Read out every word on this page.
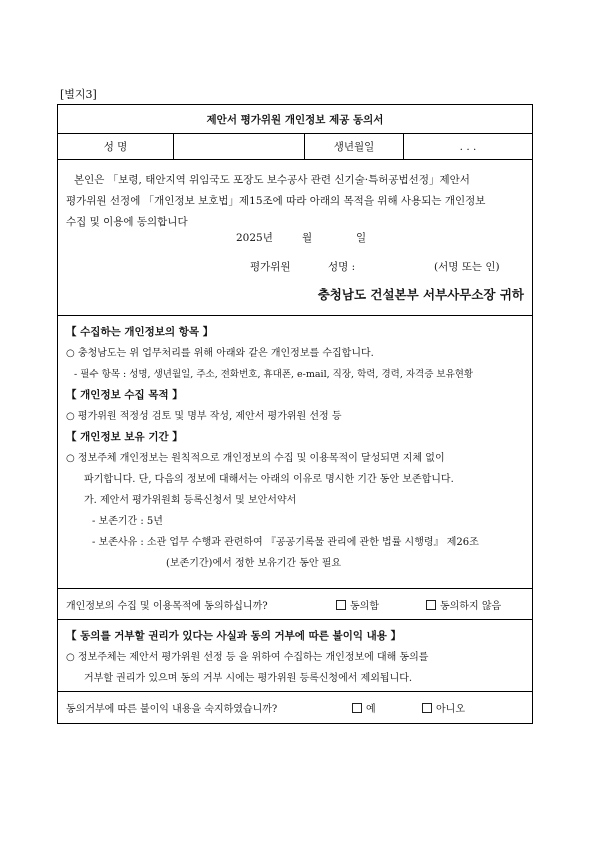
[별지3]
제안서 평가위원 개인정보 제공 동의서
성 명	생년월일	. . .

본인은 「보령, 태안지역 위임국도 포장도 보수공사 관련 신기술·특허공법선정」제안서

평가위원 선정에 「개인정보 보호법」제15조에 따라 아래의 목적을 위해 사용되는 개인정보

수집 및 이용에 동의합니다

2025년	월	일
평가위원	성명 :	(서명 또는 인)
충청남도 건설본부 서부사무소장 귀하
【 수집하는 개인정보의 항목 】
○ 충청남도는 위 업무처리를 위해 아래와 같은 개인정보를 수집합니다.
- 필수 항목 : 성명, 생년월일, 주소, 전화번호, 휴대폰, e-mail, 직장, 학력, 경력, 자격증 보유현황
【 개인정보 수집 목적 】
○ 평가위원 적정성 검토 및 명부 작성, 제안서 평가위원 선정 등
【 개인정보 보유 기간 】
○ 정보주체 개인정보는 원칙적으로 개인정보의 수집 및 이용목적이 달성되면 지체 없이
파기합니다. 단, 다음의 정보에 대해서는 아래의 이유로 명시한 기간 동안 보존합니다.
가. 제안서 평가위원회 등록신청서 및 보안서약서
- 보존기간 : 5년
- 보존사유 : 소관 업무 수행과 관련하여 『공공기록물 관리에 관한 법률 시행령』 제26조
(보존기간)에서 정한 보유기간 동안 필요
개인정보의 수집 및 이용목적에 동의하십니까?	동의함	동의하지 않음
【 동의를 거부할 권리가 있다는 사실과 동의 거부에 따른 불이익 내용 】
○ 정보주체는 제안서 평가위원 선정 등 을 위하여 수집하는 개인정보에 대해 동의를
거부할 권리가 있으며 동의 거부 시에는 평가위원 등록신청에서 제외됩니다.
동의거부에 따른 불이익 내용을 숙지하였습니까?	예	아니오
